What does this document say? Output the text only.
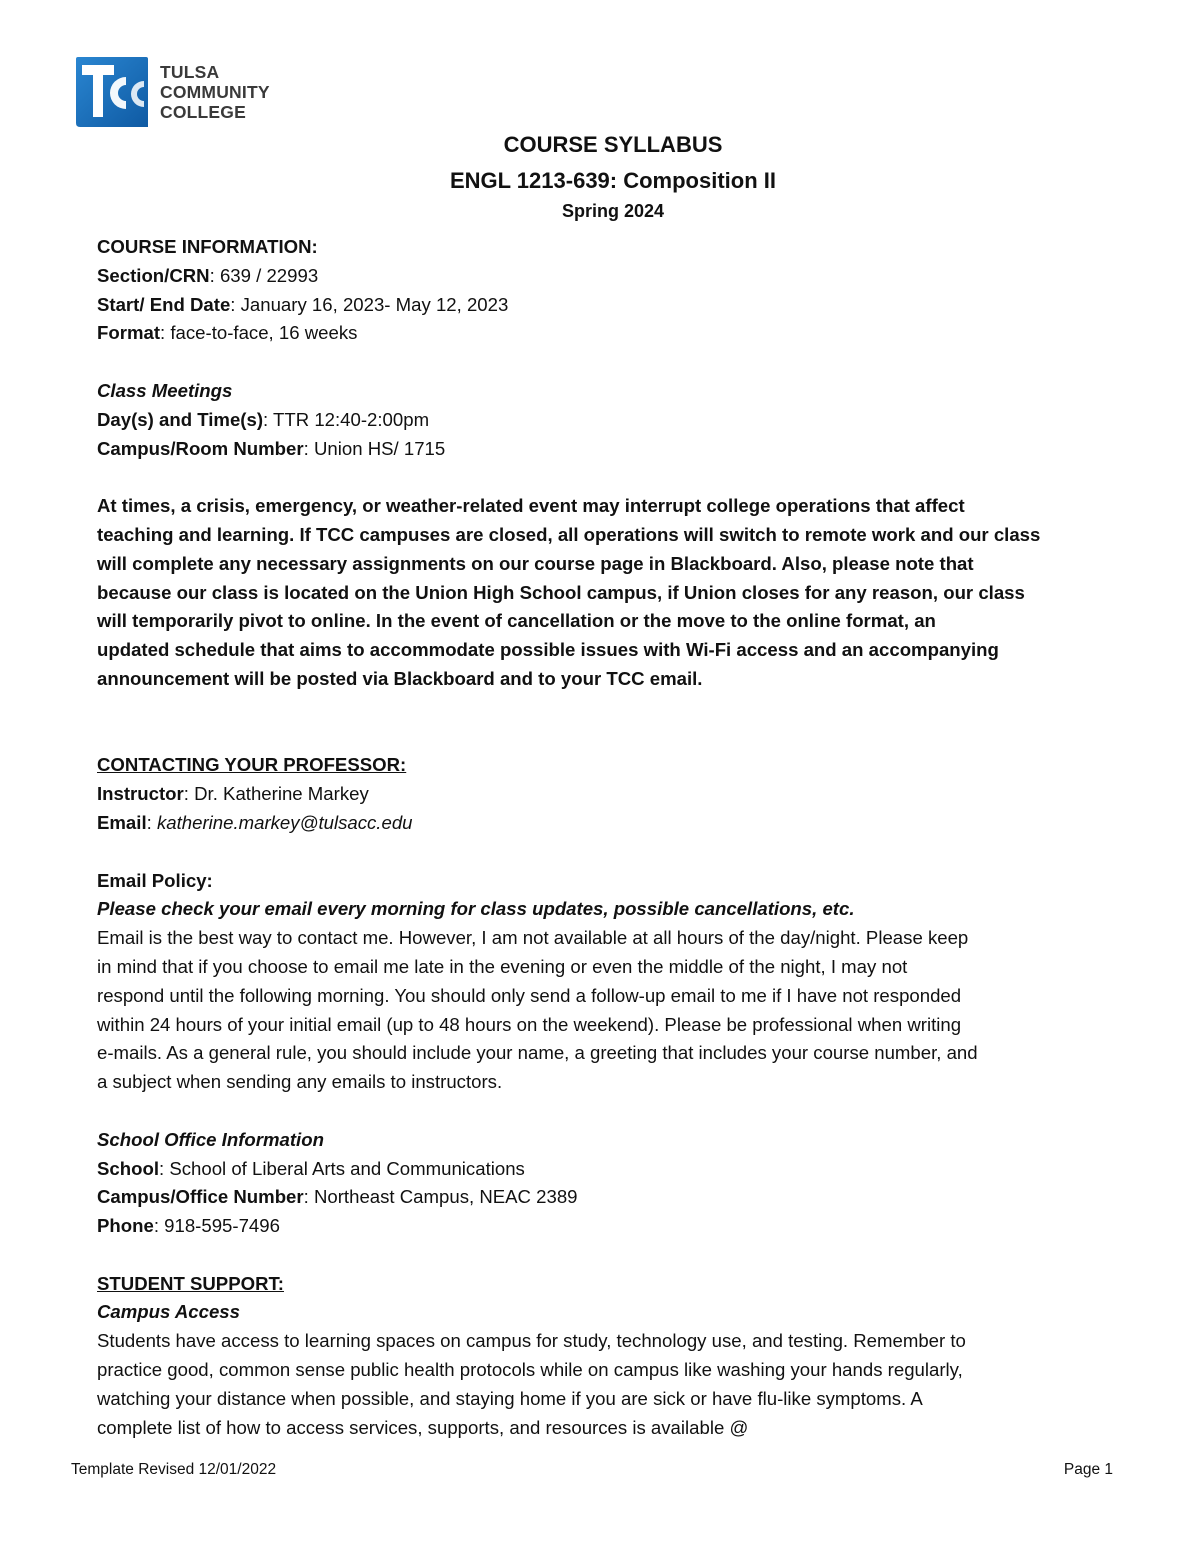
TULSA
COMMUNITY
COLLEGE
COURSE SYLLABUS
ENGL 1213-639: Composition II
Spring 2024
COURSE INFORMATION:
Section/CRN: 639 / 22993
Start/ End Date: January 16, 2023- May 12, 2023
Format: face-to-face, 16 weeks
Class Meetings
Day(s) and Time(s): TTR 12:40-2:00pm
Campus/Room Number: Union HS/ 1715
At times, a crisis, emergency, or weather-related event may interrupt college operations that affect
teaching and learning. If TCC campuses are closed, all operations will switch to remote work and our class
will complete any necessary assignments on our course page in Blackboard. Also, please note that
because our class is located on the Union High School campus, if Union closes for any reason, our class
will temporarily pivot to online. In the event of cancellation or the move to the online format, an
updated schedule that aims to accommodate possible issues with Wi-Fi access and an accompanying
announcement will be posted via Blackboard and to your TCC email.
CONTACTING YOUR PROFESSOR:
Instructor: Dr. Katherine Markey
Email: katherine.markey@tulsacc.edu
Email Policy:
Please check your email every morning for class updates, possible cancellations, etc.
Email is the best way to contact me. However, I am not available at all hours of the day/night. Please keep
in mind that if you choose to email me late in the evening or even the middle of the night, I may not
respond until the following morning. You should only send a follow-up email to me if I have not responded
within 24 hours of your initial email (up to 48 hours on the weekend). Please be professional when writing
e-mails. As a general rule, you should include your name, a greeting that includes your course number, and
a subject when sending any emails to instructors.
School Office Information
School: School of Liberal Arts and Communications
Campus/Office Number: Northeast Campus, NEAC 2389
Phone: 918-595-7496
STUDENT SUPPORT:
Campus Access
Students have access to learning spaces on campus for study, technology use, and testing. Remember to
practice good, common sense public health protocols while on campus like washing your hands regularly,
watching your distance when possible, and staying home if you are sick or have flu-like symptoms. A
complete list of how to access services, supports, and resources is available @
Template Revised 12/01/2022	Page 1
